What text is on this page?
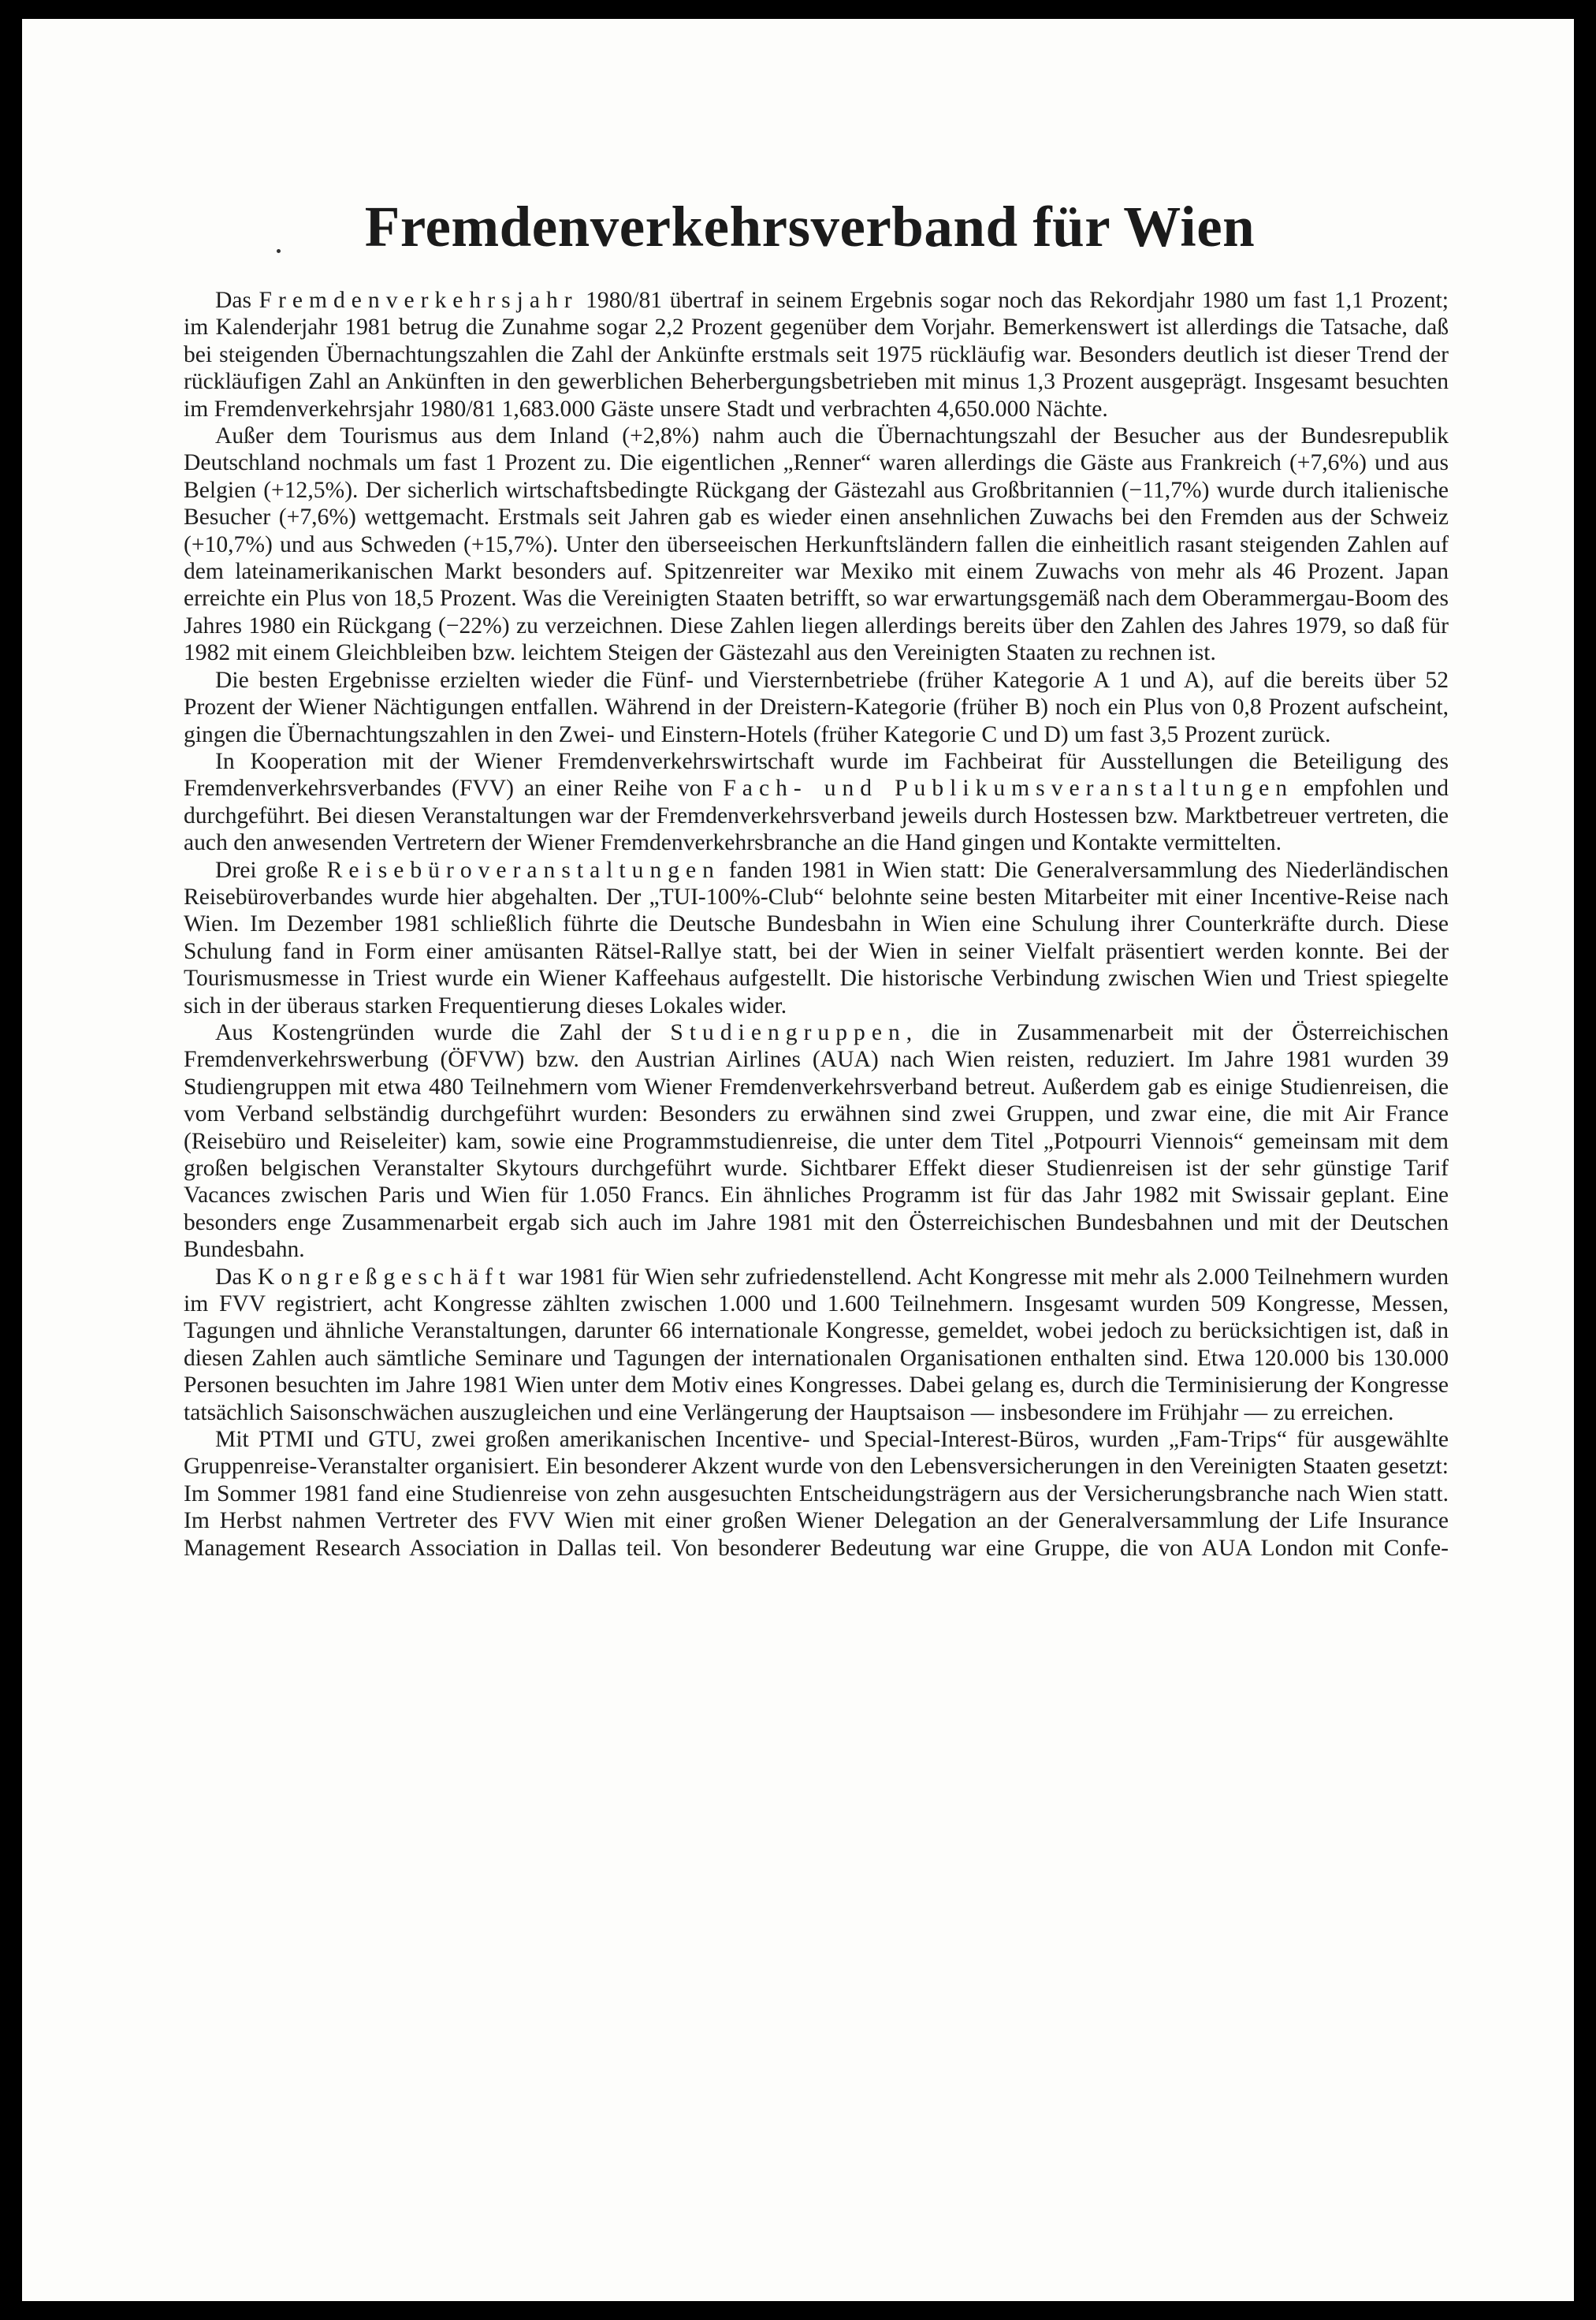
Fremdenverkehrsverband für Wien

Das Fremdenverkehrsjahr 1980/81 übertraf in seinem Ergebnis sogar noch das Rekordjahr 1980 um fast 1,1 Prozent; im Kalenderjahr 1981 betrug die Zunahme sogar 2,2 Prozent gegenüber dem Vorjahr. Bemerkenswert ist allerdings die Tatsache, daß bei steigenden Übernachtungszahlen die Zahl der Ankünfte erstmals seit 1975 rückläufig war. Besonders deutlich ist dieser Trend der rückläufigen Zahl an Ankünften in den gewerblichen Beherbergungsbetrieben mit minus 1,3 Prozent ausgeprägt. Insgesamt besuchten im Fremdenverkehrsjahr 1980/81 1,683.000 Gäste unsere Stadt und verbrachten 4,650.000 Nächte.

Außer dem Tourismus aus dem Inland (+2,8%) nahm auch die Übernachtungszahl der Besucher aus der Bundesrepublik Deutschland nochmals um fast 1 Prozent zu. Die eigentlichen „Renner“ waren allerdings die Gäste aus Frankreich (+7,6%) und aus Belgien (+12,5%). Der sicherlich wirtschaftsbedingte Rückgang der Gästezahl aus Großbritannien (−11,7%) wurde durch italienische Besucher (+7,6%) wettgemacht. Erstmals seit Jahren gab es wieder einen ansehnlichen Zuwachs bei den Fremden aus der Schweiz (+10,7%) und aus Schweden (+15,7%). Unter den überseeischen Herkunftsländern fallen die einheitlich rasant steigenden Zahlen auf dem lateinamerikanischen Markt besonders auf. Spitzenreiter war Mexiko mit einem Zuwachs von mehr als 46 Prozent. Japan erreichte ein Plus von 18,5 Prozent. Was die Vereinigten Staaten betrifft, so war erwartungsgemäß nach dem Oberammergau-Boom des Jahres 1980 ein Rückgang (−22%) zu verzeichnen. Diese Zahlen liegen allerdings bereits über den Zahlen des Jahres 1979, so daß für 1982 mit einem Gleichbleiben bzw. leichtem Steigen der Gästezahl aus den Vereinigten Staaten zu rechnen ist.

Die besten Ergebnisse erzielten wieder die Fünf- und Viersternbetriebe (früher Kategorie A 1 und A), auf die bereits über 52 Prozent der Wiener Nächtigungen entfallen. Während in der Dreistern-Kategorie (früher B) noch ein Plus von 0,8 Prozent aufscheint, gingen die Übernachtungszahlen in den Zwei- und Einstern-Hotels (früher Kategorie C und D) um fast 3,5 Prozent zurück.

In Kooperation mit der Wiener Fremdenverkehrswirtschaft wurde im Fachbeirat für Ausstellungen die Beteiligung des Fremdenverkehrsverbandes (FVV) an einer Reihe von Fach- und Publikumsveranstaltungen empfohlen und durchgeführt. Bei diesen Veranstaltungen war der Fremdenverkehrsverband jeweils durch Hostessen bzw. Marktbetreuer vertreten, die auch den anwesenden Vertretern der Wiener Fremdenverkehrsbranche an die Hand gingen und Kontakte vermittelten.

Drei große Reisebüroveranstaltungen fanden 1981 in Wien statt: Die Generalversammlung des Niederländischen Reisebüroverbandes wurde hier abgehalten. Der „TUI-100%-Club“ belohnte seine besten Mitarbeiter mit einer Incentive-Reise nach Wien. Im Dezember 1981 schließlich führte die Deutsche Bundesbahn in Wien eine Schulung ihrer Counterkräfte durch. Diese Schulung fand in Form einer amüsanten Rätsel-Rallye statt, bei der Wien in seiner Vielfalt präsentiert werden konnte. Bei der Tourismusmesse in Triest wurde ein Wiener Kaffeehaus aufgestellt. Die historische Verbindung zwischen Wien und Triest spiegelte sich in der überaus starken Frequentierung dieses Lokales wider.

Aus Kostengründen wurde die Zahl der Studiengruppen, die in Zusammenarbeit mit der Österreichischen Fremdenverkehrswerbung (ÖFVW) bzw. den Austrian Airlines (AUA) nach Wien reisten, reduziert. Im Jahre 1981 wurden 39 Studiengruppen mit etwa 480 Teilnehmern vom Wiener Fremdenverkehrsverband betreut. Außerdem gab es einige Studienreisen, die vom Verband selbständig durchgeführt wurden: Besonders zu erwähnen sind zwei Gruppen, und zwar eine, die mit Air France (Reisebüro und Reiseleiter) kam, sowie eine Programmstudienreise, die unter dem Titel „Potpourri Viennois“ gemeinsam mit dem großen belgischen Veranstalter Skytours durchgeführt wurde. Sichtbarer Effekt dieser Studienreisen ist der sehr günstige Tarif Vacances zwischen Paris und Wien für 1.050 Francs. Ein ähnliches Programm ist für das Jahr 1982 mit Swissair geplant. Eine besonders enge Zusammenarbeit ergab sich auch im Jahre 1981 mit den Österreichischen Bundesbahnen und mit der Deutschen Bundesbahn.

Das Kongreßgeschäft war 1981 für Wien sehr zufriedenstellend. Acht Kongresse mit mehr als 2.000 Teilnehmern wurden im FVV registriert, acht Kongresse zählten zwischen 1.000 und 1.600 Teilnehmern. Insgesamt wurden 509 Kongresse, Messen, Tagungen und ähnliche Veranstaltungen, darunter 66 internationale Kongresse, gemeldet, wobei jedoch zu berücksichtigen ist, daß in diesen Zahlen auch sämtliche Seminare und Tagungen der internationalen Organisationen enthalten sind. Etwa 120.000 bis 130.000 Personen besuchten im Jahre 1981 Wien unter dem Motiv eines Kongresses. Dabei gelang es, durch die Terminisierung der Kongresse tatsächlich Saisonschwächen auszugleichen und eine Verlängerung der Hauptsaison — insbesondere im Frühjahr — zu erreichen.

Mit PTMI und GTU, zwei großen amerikanischen Incentive- und Special-Interest-Büros, wurden „Fam-Trips“ für ausgewählte Gruppenreise-Veranstalter organisiert. Ein besonderer Akzent wurde von den Lebensversicherungen in den Vereinigten Staaten gesetzt: Im Sommer 1981 fand eine Studienreise von zehn ausgesuchten Entscheidungsträgern aus der Versicherungsbranche nach Wien statt. Im Herbst nahmen Vertreter des FVV Wien mit einer großen Wiener Delegation an der Generalversammlung der Life Insurance Management Research Association in Dallas teil. Von besonderer Bedeutung war eine Gruppe, die von AUA London mit Confe-
